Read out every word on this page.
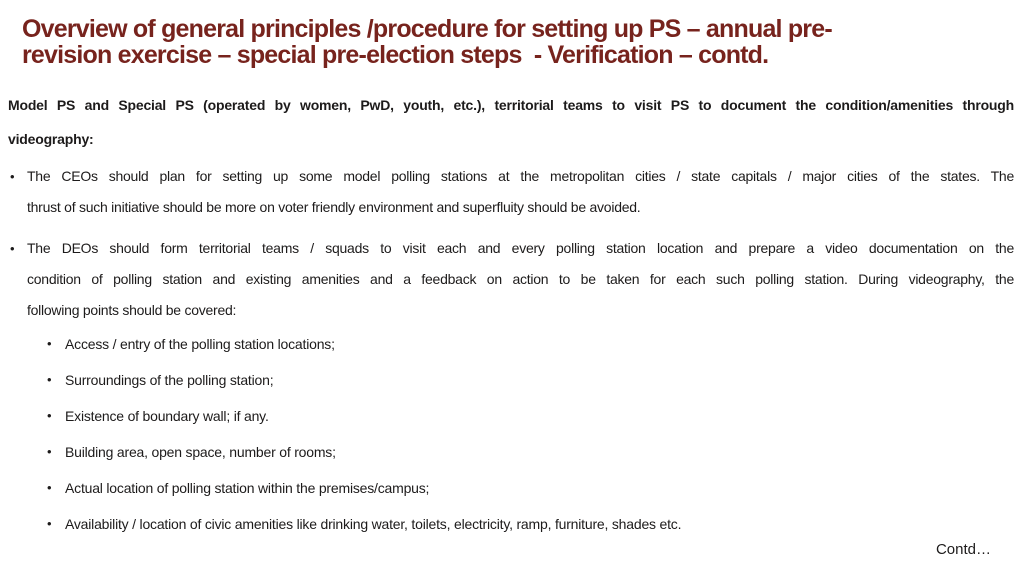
Overview of general principles /procedure for setting up PS – annual pre-
revision exercise – special pre-election steps  - Verification – contd.
Model PS and Special PS (operated by women, PwD, youth, etc.), territorial teams to visit PS to document the condition/amenities through
videography:
• The CEOs should plan for setting up some model polling stations at the metropolitan cities / state capitals / major cities of the states. The
thrust of such initiative should be more on voter friendly environment and superfluity should be avoided.
• The DEOs should form territorial teams / squads to visit each and every polling station location and prepare a video documentation on the
condition of polling station and existing amenities and a feedback on action to be taken for each such polling station. During videography, the
following points should be covered:
• Access / entry of the polling station locations;
• Surroundings of the polling station;
• Existence of boundary wall; if any.
• Building area, open space, number of rooms;
• Actual location of polling station within the premises/campus;
• Availability / location of civic amenities like drinking water, toilets, electricity, ramp, furniture, shades etc.
Contd…
